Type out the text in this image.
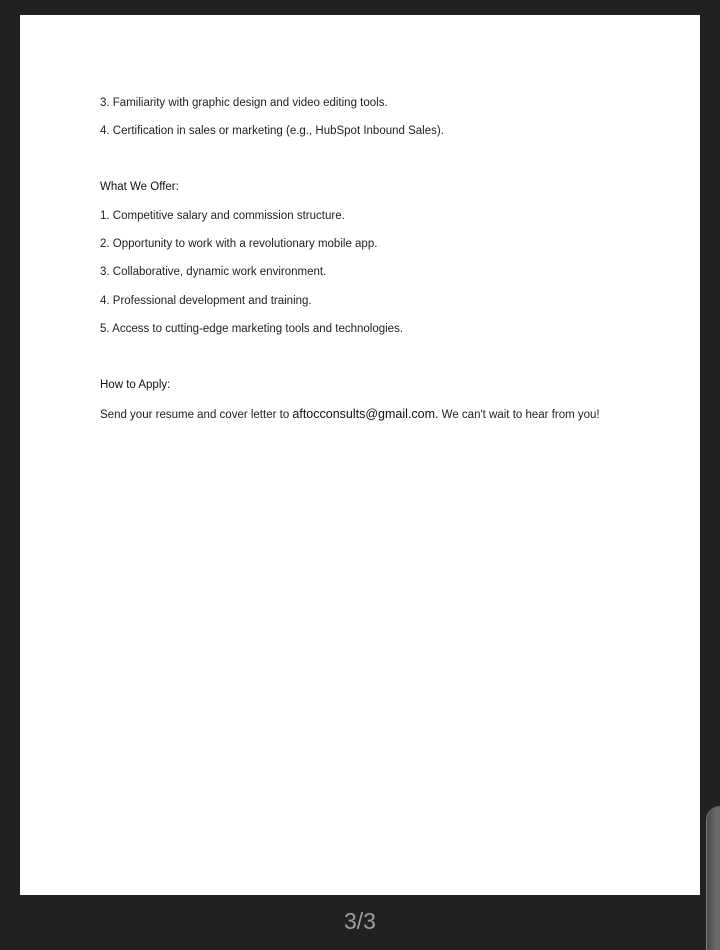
3. Familiarity with graphic design and video editing tools.

4. Certification in sales or marketing (e.g., HubSpot Inbound Sales).

What We Offer:

1. Competitive salary and commission structure.

2. Opportunity to work with a revolutionary mobile app.

3. Collaborative, dynamic work environment.

4. Professional development and training.

5. Access to cutting-edge marketing tools and technologies.

How to Apply:

Send your resume and cover letter to aftocconsults@gmail.com. We can't wait to hear from you!

3/3
